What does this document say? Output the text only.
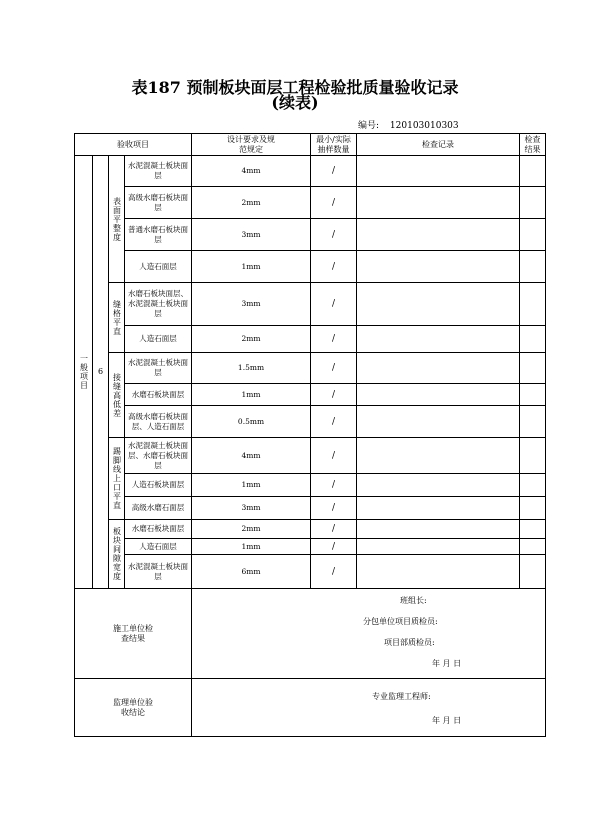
表187 预制板块面层工程检验批质量验收记录
(续表)
编号: 120103010303
验收项目				设计要求及规范规定	最小/实际抽样数量	检查记录	检查结果

一般项目	6	表面平整度	水泥混凝土板块面层	4mm	/		
			高级水磨石板块面层	2mm	/		
			普通水磨石板块面层	3mm	/		
			人造石面层	1mm	/		

		缝格平直	水磨石板块面层、水泥混凝土板块面层	3mm	/		
			人造石面层	2mm	/		

		接缝高低差	水泥混凝土板块面层	1.5mm	/		
			水磨石板块面层	1mm	/		
			高级水磨石板块面层、人造石面层	0.5mm	/		

		踢脚线上口平直	水泥混凝土板块面层、水磨石板块面层	4mm	/		
			人造石板块面层	1mm	/		
			高级水磨石面层	3mm	/		

		板块间隙宽度	水磨石板块面层	2mm	/		
			人造石面层	1mm	/		
			水泥混凝土板块面层	6mm	/		

施工单位检查结果				班组长:
分包单位项目质检员:
项目部质检员:
年 月 日			

监理单位验收结论				专业监理工程师:
年 月 日			
